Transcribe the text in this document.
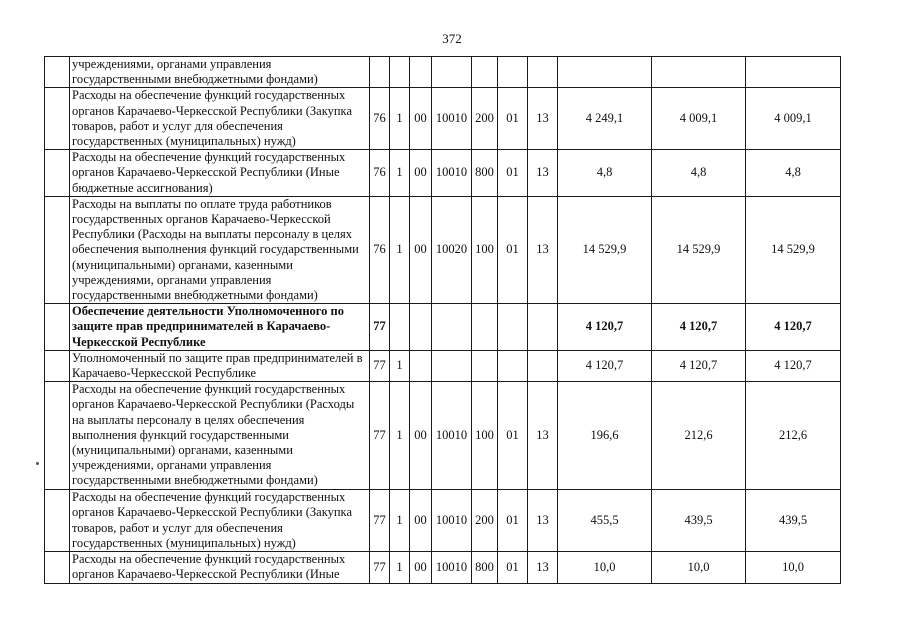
372
	учреждениями, органами управления государственными внебюджетными фондами)										
	Расходы на обеспечение функций государственных органов Карачаево-Черкесской Республики (Закупка товаров, работ и услуг для обеспечения государственных (муниципальных) нужд)	76	1	00	10010	200	01	13	4 249,1	4 009,1	4 009,1
	Расходы на обеспечение функций государственных органов Карачаево-Черкесской Республики (Иные бюджетные ассигнования)	76	1	00	10010	800	01	13	4,8	4,8	4,8
	Расходы на выплаты по оплате труда работников государственных органов Карачаево-Черкесской Республики (Расходы на выплаты персоналу в целях обеспечения выполнения функций государственными (муниципальными) органами, казенными учреждениями, органами управления государственными внебюджетными фондами)	76	1	00	10020	100	01	13	14 529,9	14 529,9	14 529,9
	Обеспечение деятельности Уполномоченного по защите прав предпринимателей в Карачаево-Черкесской Республике	77							4 120,7	4 120,7	4 120,7
	Уполномоченный по защите прав предпринимателей в Карачаево-Черкесской Республике	77	1						4 120,7	4 120,7	4 120,7
	Расходы на обеспечение функций государственных органов Карачаево-Черкесской Республики (Расходы на выплаты персоналу в целях обеспечения выполнения функций государственными (муниципальными) органами, казенными учреждениями, органами управления государственными внебюджетными фондами)	77	1	00	10010	100	01	13	196,6	212,6	212,6
	Расходы на обеспечение функций государственных органов Карачаево-Черкесской Республики (Закупка товаров, работ и услуг для обеспечения государственных (муниципальных) нужд)	77	1	00	10010	200	01	13	455,5	439,5	439,5
	Расходы на обеспечение функций государственных органов Карачаево-Черкесской Республики (Иные	77	1	00	10010	800	01	13	10,0	10,0	10,0
